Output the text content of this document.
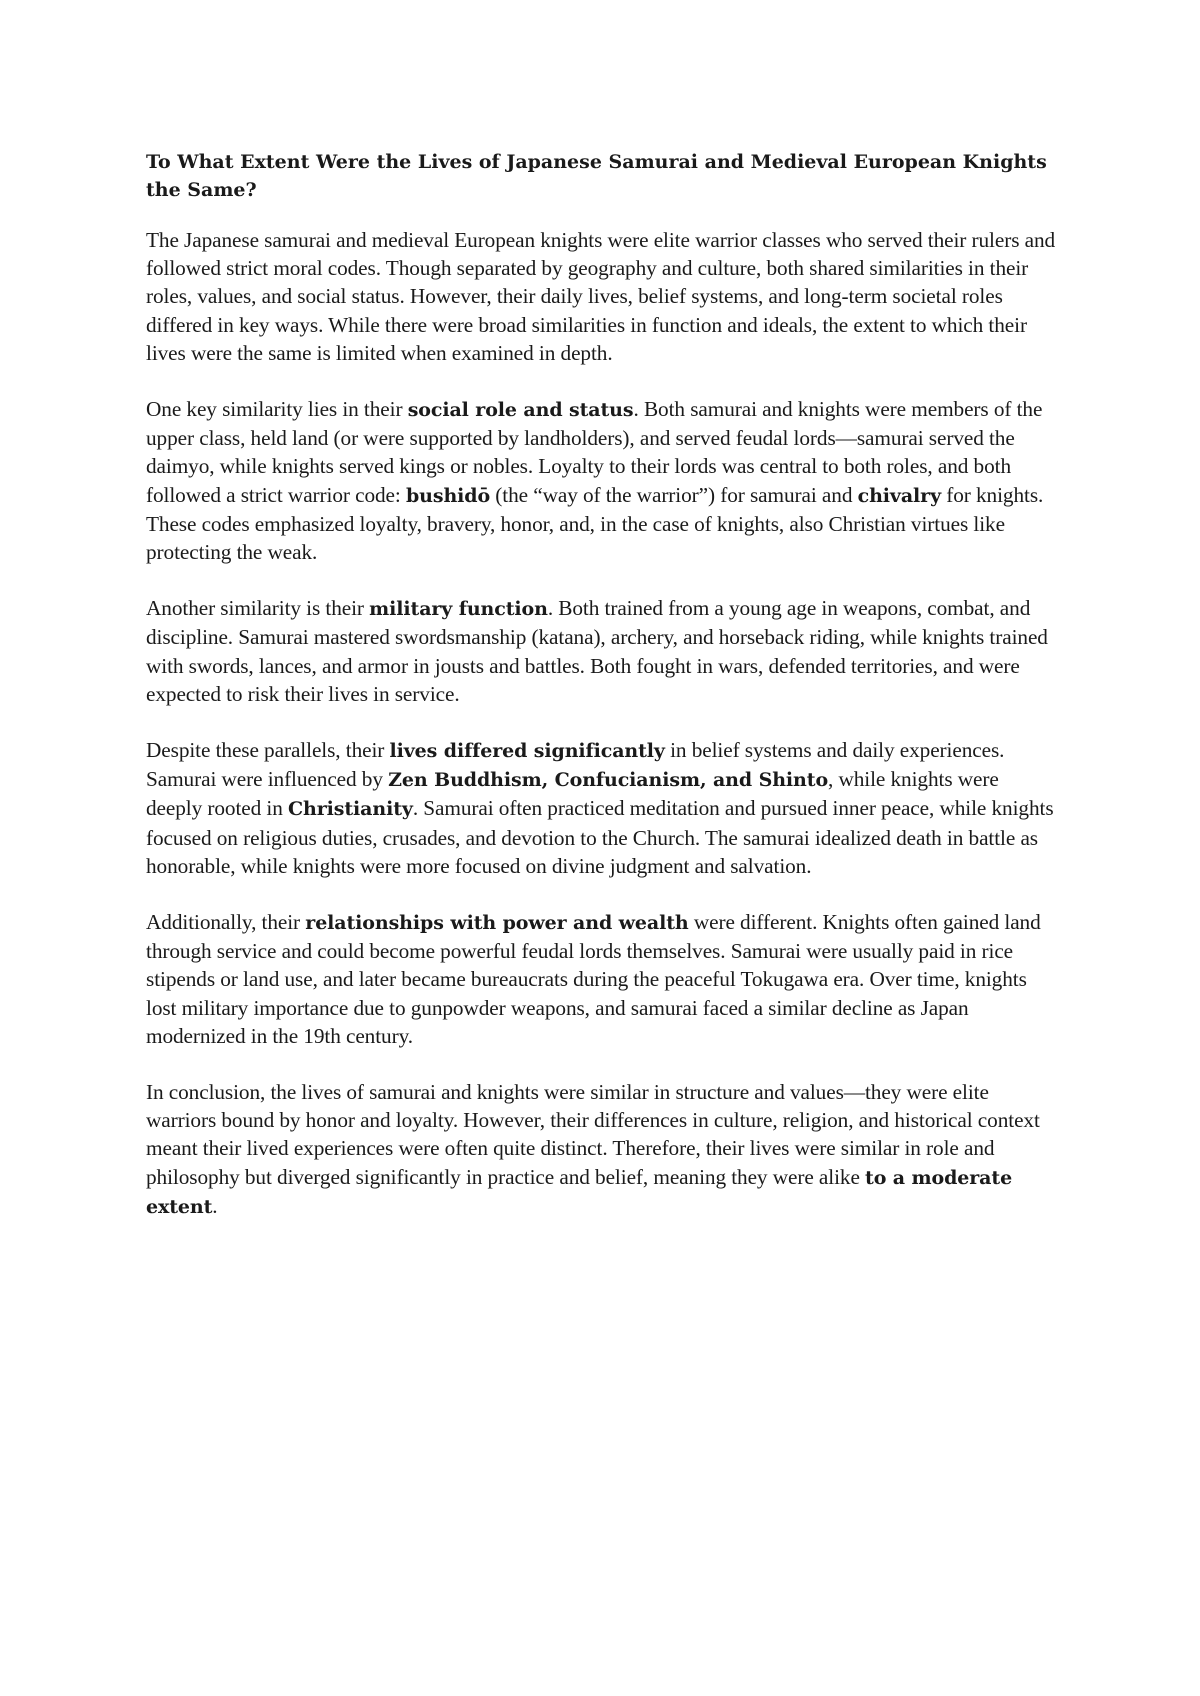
To What Extent Were the Lives of Japanese Samurai and Medieval European Knights the Same?

The Japanese samurai and medieval European knights were elite warrior classes who served their rulers and followed strict moral codes. Though separated by geography and culture, both shared similarities in their roles, values, and social status. However, their daily lives, belief systems, and long-term societal roles differed in key ways. While there were broad similarities in function and ideals, the extent to which their lives were the same is limited when examined in depth.

One key similarity lies in their social role and status. Both samurai and knights were members of the upper class, held land (or were supported by landholders), and served feudal lords—samurai served the daimyo, while knights served kings or nobles. Loyalty to their lords was central to both roles, and both followed a strict warrior code: bushidō (the “way of the warrior”) for samurai and chivalry for knights. These codes emphasized loyalty, bravery, honor, and, in the case of knights, also Christian virtues like protecting the weak.

Another similarity is their military function. Both trained from a young age in weapons, combat, and discipline. Samurai mastered swordsmanship (katana), archery, and horseback riding, while knights trained with swords, lances, and armor in jousts and battles. Both fought in wars, defended territories, and were expected to risk their lives in service.

Despite these parallels, their lives differed significantly in belief systems and daily experiences. Samurai were influenced by Zen Buddhism, Confucianism, and Shinto, while knights were deeply rooted in Christianity. Samurai often practiced meditation and pursued inner peace, while knights focused on religious duties, crusades, and devotion to the Church. The samurai idealized death in battle as honorable, while knights were more focused on divine judgment and salvation.

Additionally, their relationships with power and wealth were different. Knights often gained land through service and could become powerful feudal lords themselves. Samurai were usually paid in rice stipends or land use, and later became bureaucrats during the peaceful Tokugawa era. Over time, knights lost military importance due to gunpowder weapons, and samurai faced a similar decline as Japan modernized in the 19th century.

In conclusion, the lives of samurai and knights were similar in structure and values—they were elite warriors bound by honor and loyalty. However, their differences in culture, religion, and historical context meant their lived experiences were often quite distinct. Therefore, their lives were similar in role and philosophy but diverged significantly in practice and belief, meaning they were alike to a moderate extent.
